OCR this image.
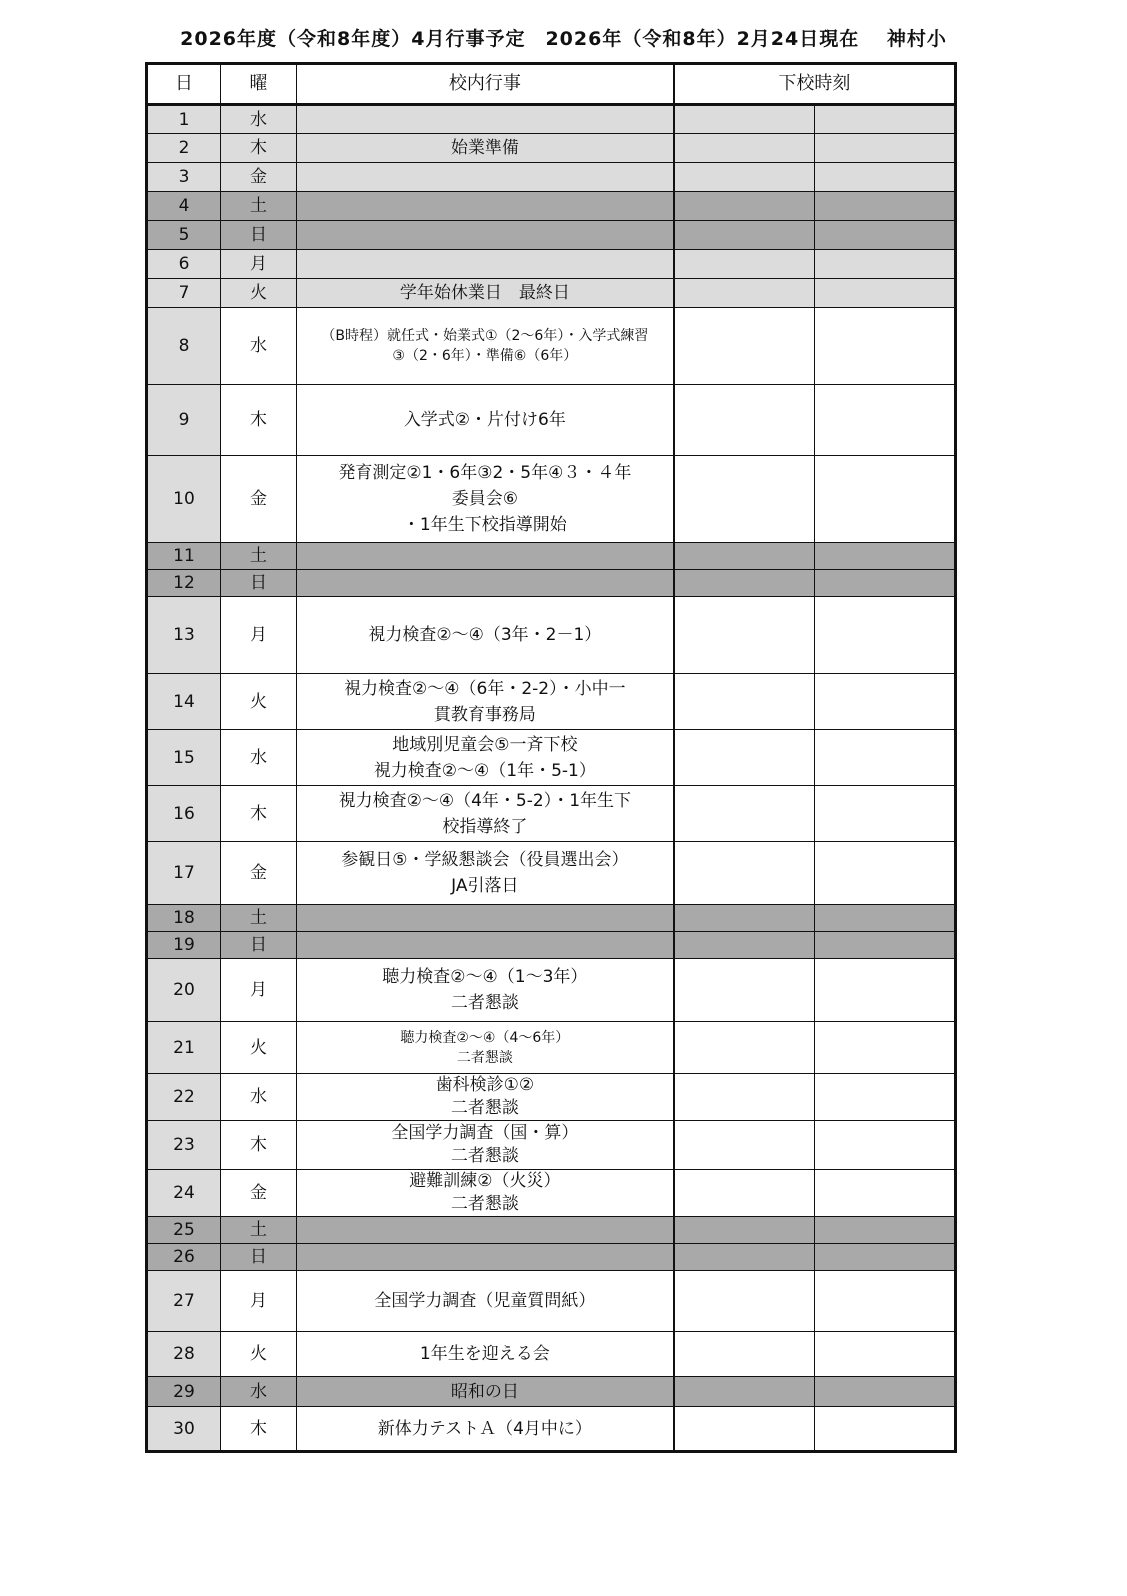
2026年度（令和8年度）4月行事予定　2026年（令和8年）2月24日現在　 神村小
日	曜	校内行事	下校時刻	
1	水			
2	木	始業準備		
3	金			
4	土			
5	日			
6	月			
7	火	学年始休業日　最終日		
8	水	（B時程）就任式・始業式①（2～6年）・入学式練習
③（2・6年）・準備⑥（6年）		
9	木	入学式②・片付け6年		
10	金	発育測定②1・6年③2・5年④３・４年
委員会⑥
・1年生下校指導開始		
11	土			
12	日			
13	月	視力検査②～④（3年・2－1）		
14	火	視力検査②～④（6年・2-2）・小中一
貫教育事務局		
15	水	地域別児童会⑤一斉下校
視力検査②～④（1年・5-1）		
16	木	視力検査②～④（4年・5-2）・1年生下
校指導終了		
17	金	参観日⑤・学級懇談会（役員選出会）
JA引落日		
18	土			
19	日			
20	月	聴力検査②～④（1～3年）
二者懇談		
21	火	聴力検査②～④（4～6年）
二者懇談		
22	水	歯科検診①②
二者懇談		
23	木	全国学力調査（国・算）
二者懇談		
24	金	避難訓練②（火災）
二者懇談		
25	土			
26	日			
27	月	全国学力調査（児童質問紙）		
28	火	1年生を迎える会		
29	水	昭和の日		
30	木	新体力テストＡ（4月中に）		
